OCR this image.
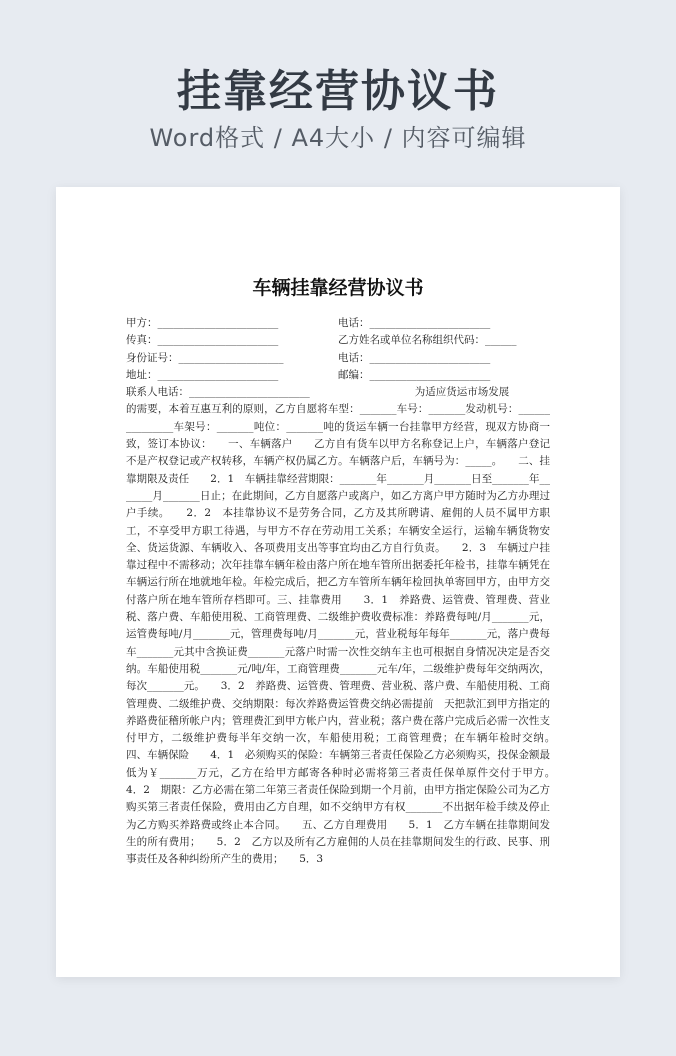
挂靠经营协议书
Word格式 / A4大小 / 内容可编辑
车辆挂靠经营协议书
甲方：_______________________	电话：_______________________
传真：_______________________	乙方姓名或单位名称组织代码：______
身份证号：____________________	电话：_______________________
地址：_______________________	邮编：_______________________
联系人电话：_______________________　　　　　　　　　　为适应货运市场发展
的需要，本着互惠互利的原则，乙方自愿将车型：_______车号：_______发动机号：_______________车架号：_______吨位：_______吨的货运车辆一台挂靠甲方经营，现双方协商一致，签订本协议：　　一、车辆落户　　乙方自有货车以甲方名称登记上户，车辆落户登记不是产权登记或产权转移，车辆产权仍属乙方。车辆落户后，车辆号为：_____。　　二、挂靠期限及责任　　2．1　车辆挂靠经营期限：_______年_______月_______日至_______年_______月_______日止；在此期间，乙方自愿落户或离户，如乙方离户甲方随时为乙方办理过户手续。　　2．2　本挂靠协议不是劳务合同，乙方及其所聘请、雇佣的人员不属甲方职工，不享受甲方职工待遇，与甲方不存在劳动用工关系；车辆安全运行，运输车辆货物安全、货运货源、车辆收入、各项费用支出等事宜均由乙方自行负责。　　2．3　车辆过户挂靠过程中不需移动；次年挂靠车辆年检由落户所在地车管所出据委托年检书，挂靠车辆凭在车辆运行所在地就地年检。年检完成后，把乙方车管所车辆年检回执单寄回甲方，由甲方交付落户所在地车管所存档即可。三、挂靠费用　　3．1　养路费、运管费、管理费、营业税、落户费、车船使用税、工商管理费、二级维护费收费标准：养路费每吨/月_______元，运管费每吨/月_______元，管理费每吨/月_______元，营业税每年每年_______元，落户费每车_______元其中含换证费_______元落户时需一次性交纳车主也可根据自身情况决定是否交纳。车船使用税_______元/吨/年，工商管理费_______元车/年，二级维护费每年交纳两次，每次_______元。　　3．2　养路费、运管费、管理费、营业税、落户费、车船使用税、工商管理费、二级维护费、交纳期限：每次养路费运管费交纳必需提前　天把款汇到甲方指定的养路费征稽所帐户内；管理费汇到甲方帐户内，营业税；落户费在落户完成后必需一次性支付甲方，二级维护费每半年交纳一次，车船使用税；工商管理费；在车辆年检时交纳。　　四、车辆保险　　4．1　必须购买的保险：车辆第三者责任保险乙方必须购买，投保金额最低为￥_______万元，乙方在给甲方邮寄各种时必需将第三者责任保单原件交付于甲方。　　4．2　期限：乙方必需在第二年第三者责任保险到期一个月前，由甲方指定保险公司为乙方购买第三者责任保险，费用由乙方自理，如不交纳甲方有权_______不出据年检手续及停止为乙方购买养路费或终止本合同。　　五、乙方自理费用　　5．1　乙方车辆在挂靠期间发生的所有费用；　　5．2　乙方以及所有乙方雇佣的人员在挂靠期间发生的行政、民事、刑事责任及各种纠纷所产生的费用；　　5．3
